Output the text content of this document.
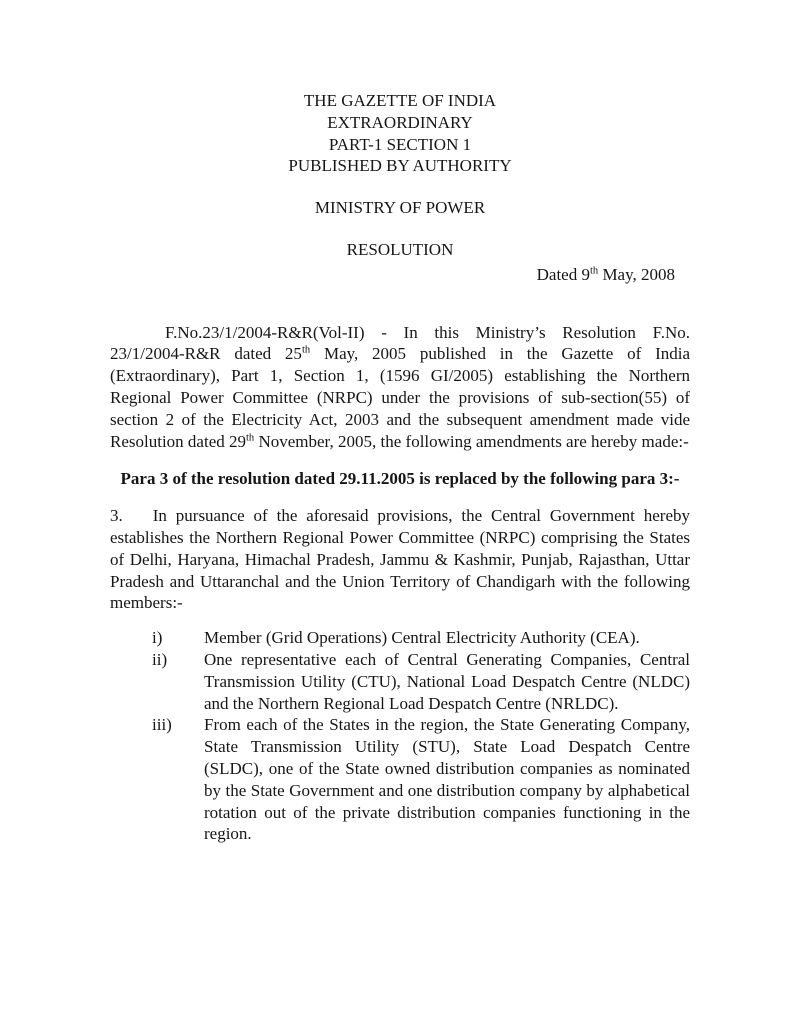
THE GAZETTE OF INDIA
EXTRAORDINARY
PART-1 SECTION 1
PUBLISHED BY AUTHORITY
MINISTRY OF POWER
RESOLUTION
Dated 9th May, 2008

F.No.23/1/2004-R&R(Vol-II) - In this Ministry’s Resolution F.No. 23/1/2004-R&R dated 25th May, 2005 published in the Gazette of India (Extraordinary), Part 1, Section 1, (1596 GI/2005) establishing the Northern Regional Power Committee (NRPC) under the provisions of sub-section(55) of section 2 of the Electricity Act, 2003 and the subsequent amendment made vide Resolution dated 29th November, 2005, the following amendments are hereby made:-

Para 3 of the resolution dated 29.11.2005 is replaced by the following para 3:-

3. In pursuance of the aforesaid provisions, the Central Government hereby establishes the Northern Regional Power Committee (NRPC) comprising the States of Delhi, Haryana, Himachal Pradesh, Jammu & Kashmir, Punjab, Rajasthan, Uttar Pradesh and Uttaranchal and the Union Territory of Chandigarh with the following members:-

i)	Member (Grid Operations) Central Electricity Authority (CEA).
ii)	One representative each of Central Generating Companies, Central Transmission Utility (CTU), National Load Despatch Centre (NLDC) and the Northern Regional Load Despatch Centre (NRLDC).
iii)	From each of the States in the region, the State Generating Company, State Transmission Utility (STU), State Load Despatch Centre (SLDC), one of the State owned distribution companies as nominated by the State Government and one distribution company by alphabetical rotation out of the private distribution companies functioning in the region.
